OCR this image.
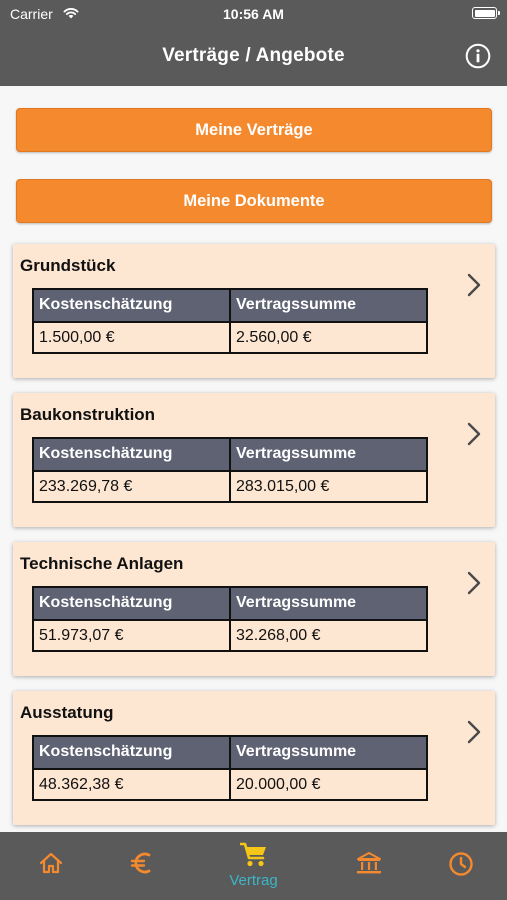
Carrier	10:56 AM
Verträge / Angebote
Meine Verträge
Meine Dokumente
Grundstück
Kostenschätzung	Vertragssumme
1.500,00 €	2.560,00 €
Baukonstruktion
Kostenschätzung	Vertragssumme
233.269,78 €	283.015,00 €
Technische Anlagen
Kostenschätzung	Vertragssumme
51.973,07 €	32.268,00 €
Ausstatung
Kostenschätzung	Vertragssumme
48.362,38 €	20.000,00 €
Vertrag
